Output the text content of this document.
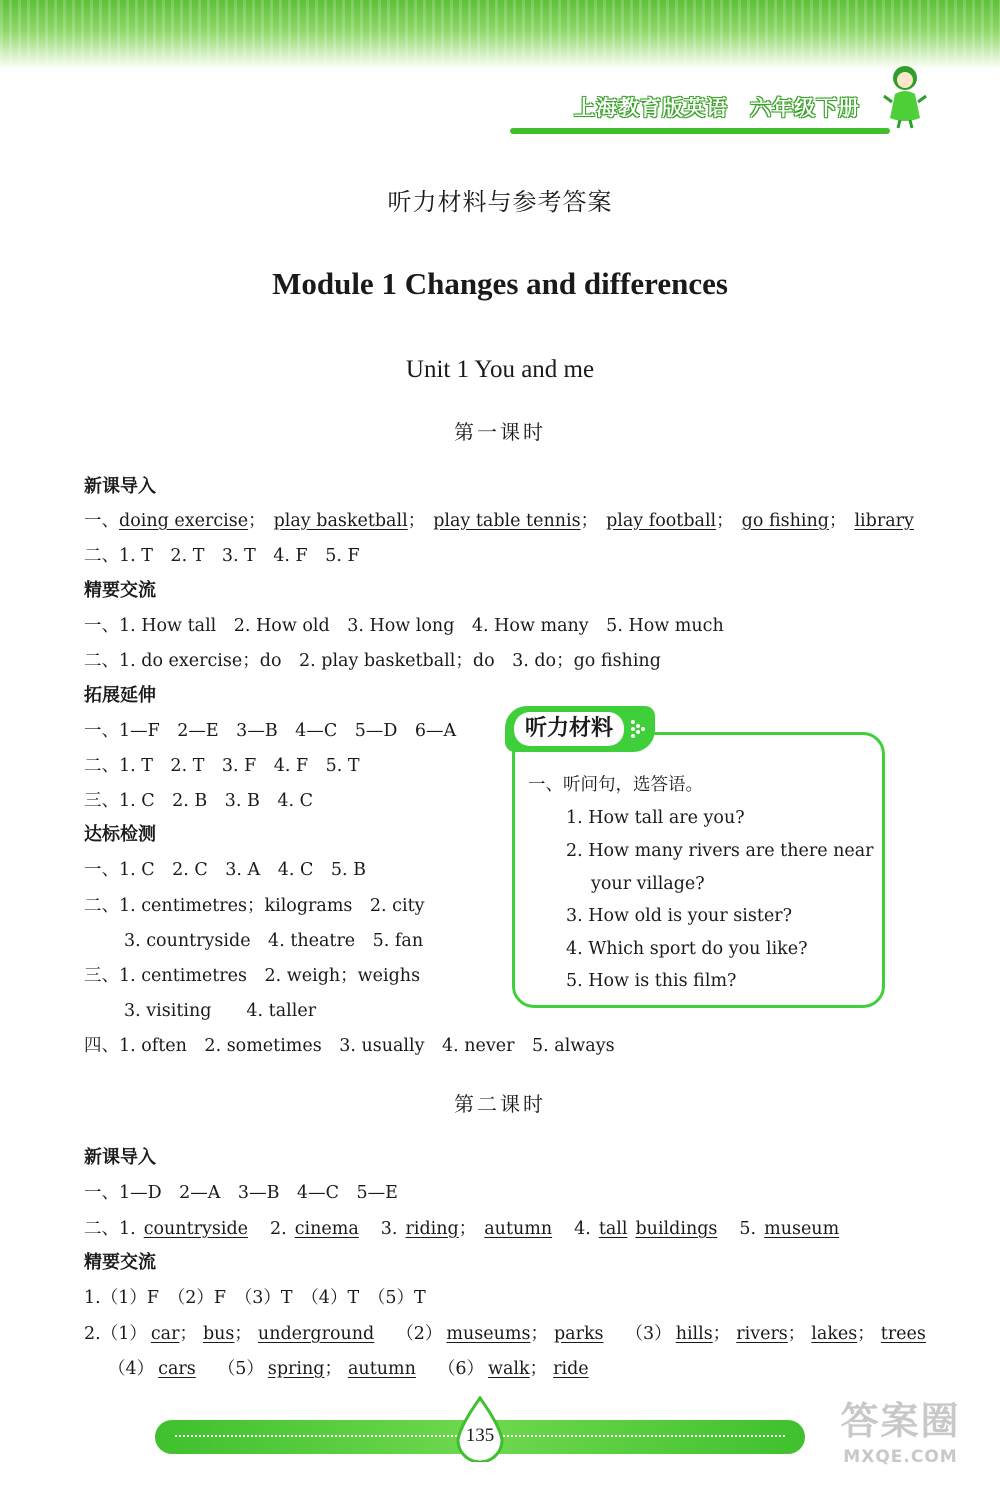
上海教育版英语 六年级下册
听力材料与参考答案
Module 1 Changes and differences
Unit 1 You and me
第一课时
新课导入
一、doing exercise； play basketball； play table tennis； play football； go fishing； library
二、1. T　2. T　3. T　4. F　5. F
精要交流
一、1. How tall　2. How old　3. How long　4. How many　5. How much
二、1. do exercise；do　2. play basketball；do　3. do；go fishing
拓展延伸
一、1—F　2—E　3—B　4—C　5—D　6—A
二、1. T　2. T　3. F　4. F　5. T
三、1. C　2. B　3. B　4. C
达标检测
一、1. C　2. C　3. A　4. C　5. B
二、1. centimetres；kilograms　2. city
3. countryside　4. theatre　5. fan
三、1. centimetres　2. weigh；weighs
3. visiting　　4. taller
四、1. often　2. sometimes　3. usually　4. never　5. always
听力材料
一、听问句，选答语。
1. How tall are you?
2. How many rivers are there near
your village?
3. How old is your sister?
4. Which sport do you like?
5. How is this film?
第二课时
新课导入
一、1—D　2—A　3—B　4—C　5—E
二、1. countryside 2. cinema 3. riding； autumn 4. tall buildings 5. museum
精要交流
1.（1）F　（2）F　（3）T　（4）T　（5）T
2.（1） car； bus； underground （2） museums； parks （3） hills； rivers； lakes； trees
（4） cars （5） spring； autumn （6） walk； ride
135	答案圈
MXQE.COM
